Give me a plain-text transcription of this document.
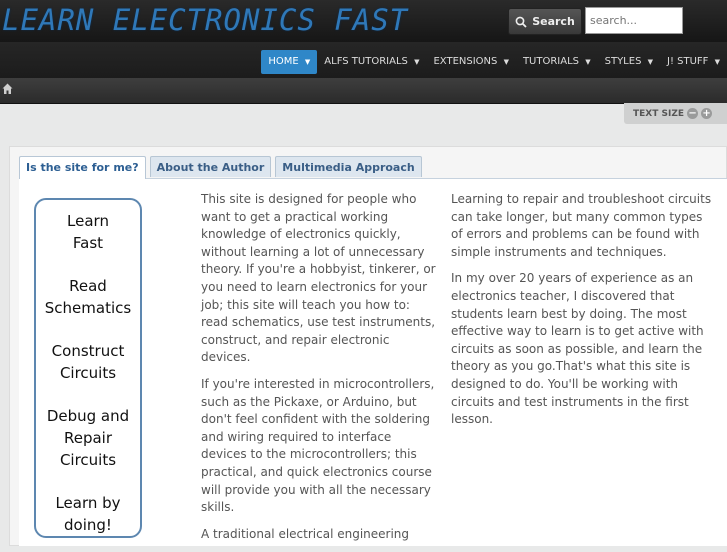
LEARN ELECTRONICS FAST	Search
search...
HOME ▼	ALFS TUTORIALS ▼	EXTENSIONS ▼	TUTORIALS ▼	STYLES ▼	J! STUFF ▼
TEXT SIZE − +
Is the site for me?	About the Author	Multimedia Approach
Learn
Fast
Read
Schematics
Construct
Circuits
Debug and
Repair
Circuits
Learn by
doing!

This site is designed for people who want to get a practical working knowledge of electronics quickly, without learning a lot of unnecessary theory. If you're a hobbyist, tinkerer, or you need to learn electronics for your job; this site will teach you how to: read schematics, use test instruments, construct, and repair electronic devices.

If you're interested in microcontrollers, such as the Pickaxe, or Arduino, but don't feel confident with the soldering and wiring required to interface devices to the microcontrollers; this practical, and quick electronics course will provide you with all the necessary skills.

A traditional electrical engineering

Learning to repair and troubleshoot circuits can take longer, but many common types of errors and problems can be found with simple instruments and techniques.

In my over 20 years of experience as an electronics teacher, I discovered that students learn best by doing. The most effective way to learn is to get active with circuits as soon as possible, and learn the theory as you go.That's what this site is designed to do. You'll be working with circuits and test instruments in the first lesson.
